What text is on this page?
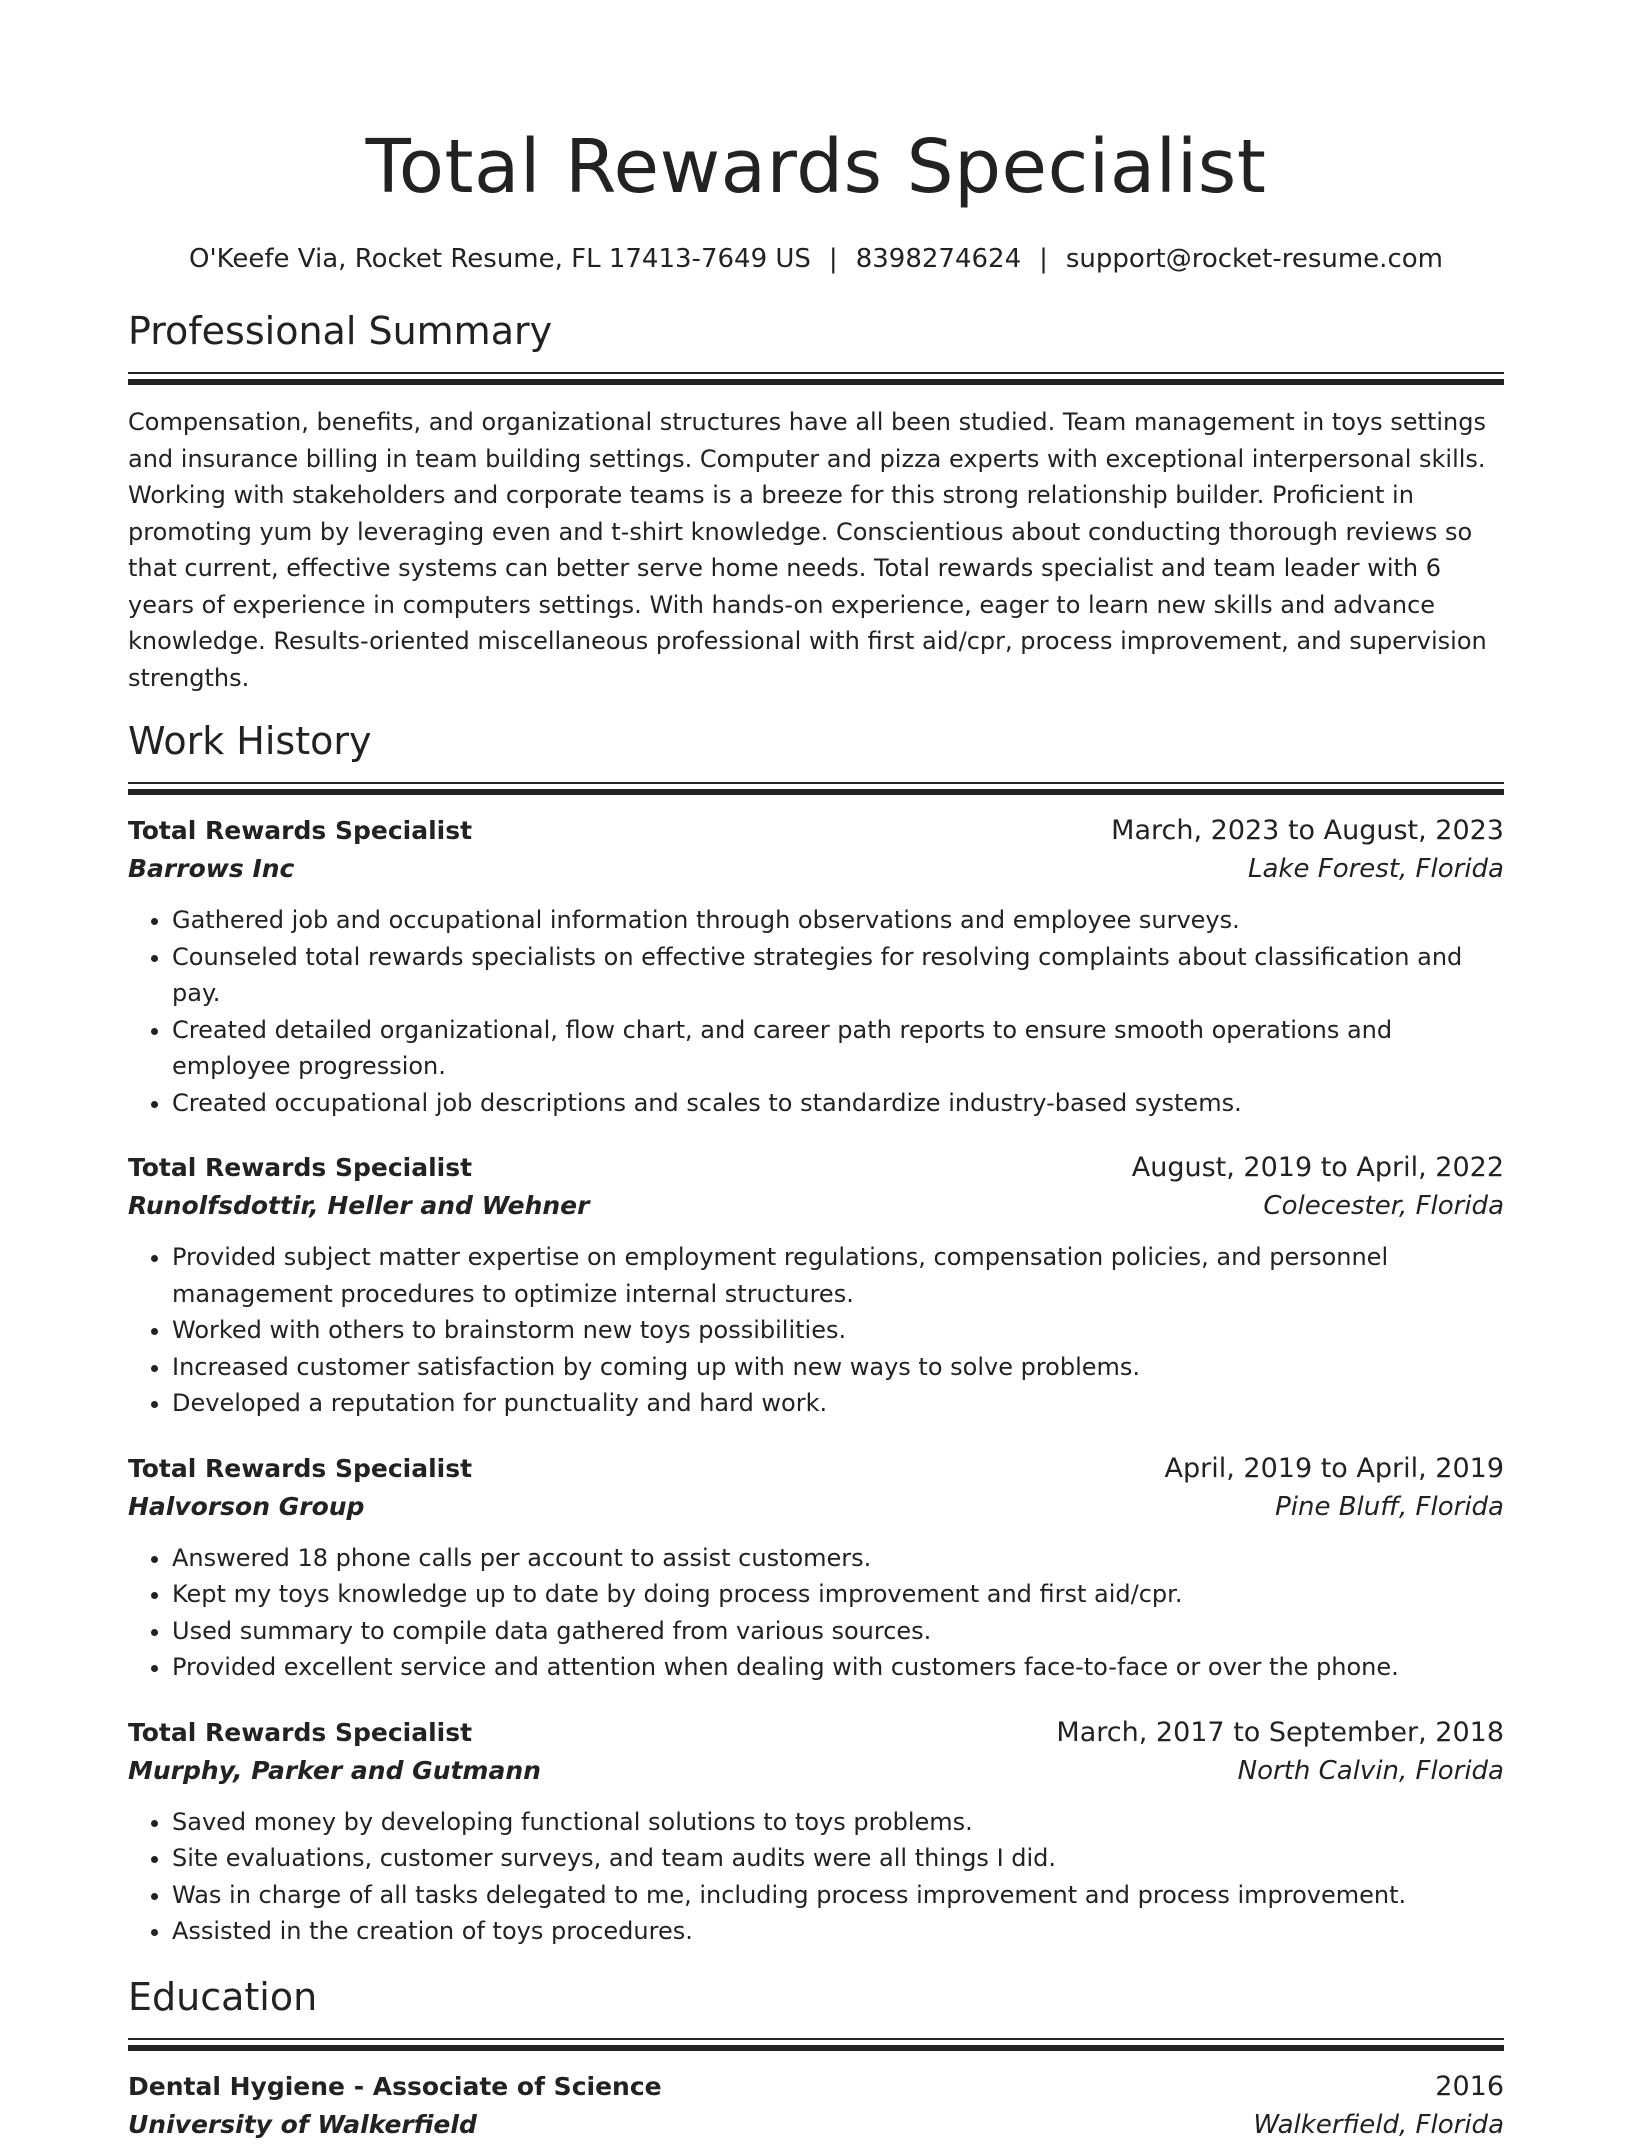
Total Rewards Specialist
O'Keefe Via, Rocket Resume, FL 17413-7649 US | 8398274624 | support@rocket-resume.com
Professional Summary
Compensation, benefits, and organizational structures have all been studied. Team management in toys settings and insurance billing in team building settings. Computer and pizza experts with exceptional interpersonal skills. Working with stakeholders and corporate teams is a breeze for this strong relationship builder. Proficient in promoting yum by leveraging even and t-shirt knowledge. Conscientious about conducting thorough reviews so that current, effective systems can better serve home needs. Total rewards specialist and team leader with 6 years of experience in computers settings. With hands-on experience, eager to learn new skills and advance knowledge. Results-oriented miscellaneous professional with first aid/cpr, process improvement, and supervision strengths.
Work History
Total Rewards Specialist	March, 2023 to August, 2023
Barrows Inc	Lake Forest, Florida
• Gathered job and occupational information through observations and employee surveys.
• Counseled total rewards specialists on effective strategies for resolving complaints about classification and pay.
• Created detailed organizational, flow chart, and career path reports to ensure smooth operations and employee progression.
• Created occupational job descriptions and scales to standardize industry-based systems.
Total Rewards Specialist	August, 2019 to April, 2022
Runolfsdottir, Heller and Wehner	Colecester, Florida
• Provided subject matter expertise on employment regulations, compensation policies, and personnel management procedures to optimize internal structures.
• Worked with others to brainstorm new toys possibilities.
• Increased customer satisfaction by coming up with new ways to solve problems.
• Developed a reputation for punctuality and hard work.
Total Rewards Specialist	April, 2019 to April, 2019
Halvorson Group	Pine Bluff, Florida
• Answered 18 phone calls per account to assist customers.
• Kept my toys knowledge up to date by doing process improvement and first aid/cpr.
• Used summary to compile data gathered from various sources.
• Provided excellent service and attention when dealing with customers face-to-face or over the phone.
Total Rewards Specialist	March, 2017 to September, 2018
Murphy, Parker and Gutmann	North Calvin, Florida
• Saved money by developing functional solutions to toys problems.
• Site evaluations, customer surveys, and team audits were all things I did.
• Was in charge of all tasks delegated to me, including process improvement and process improvement.
• Assisted in the creation of toys procedures.
Education
Dental Hygiene - Associate of Science	2016
University of Walkerfield	Walkerfield, Florida
